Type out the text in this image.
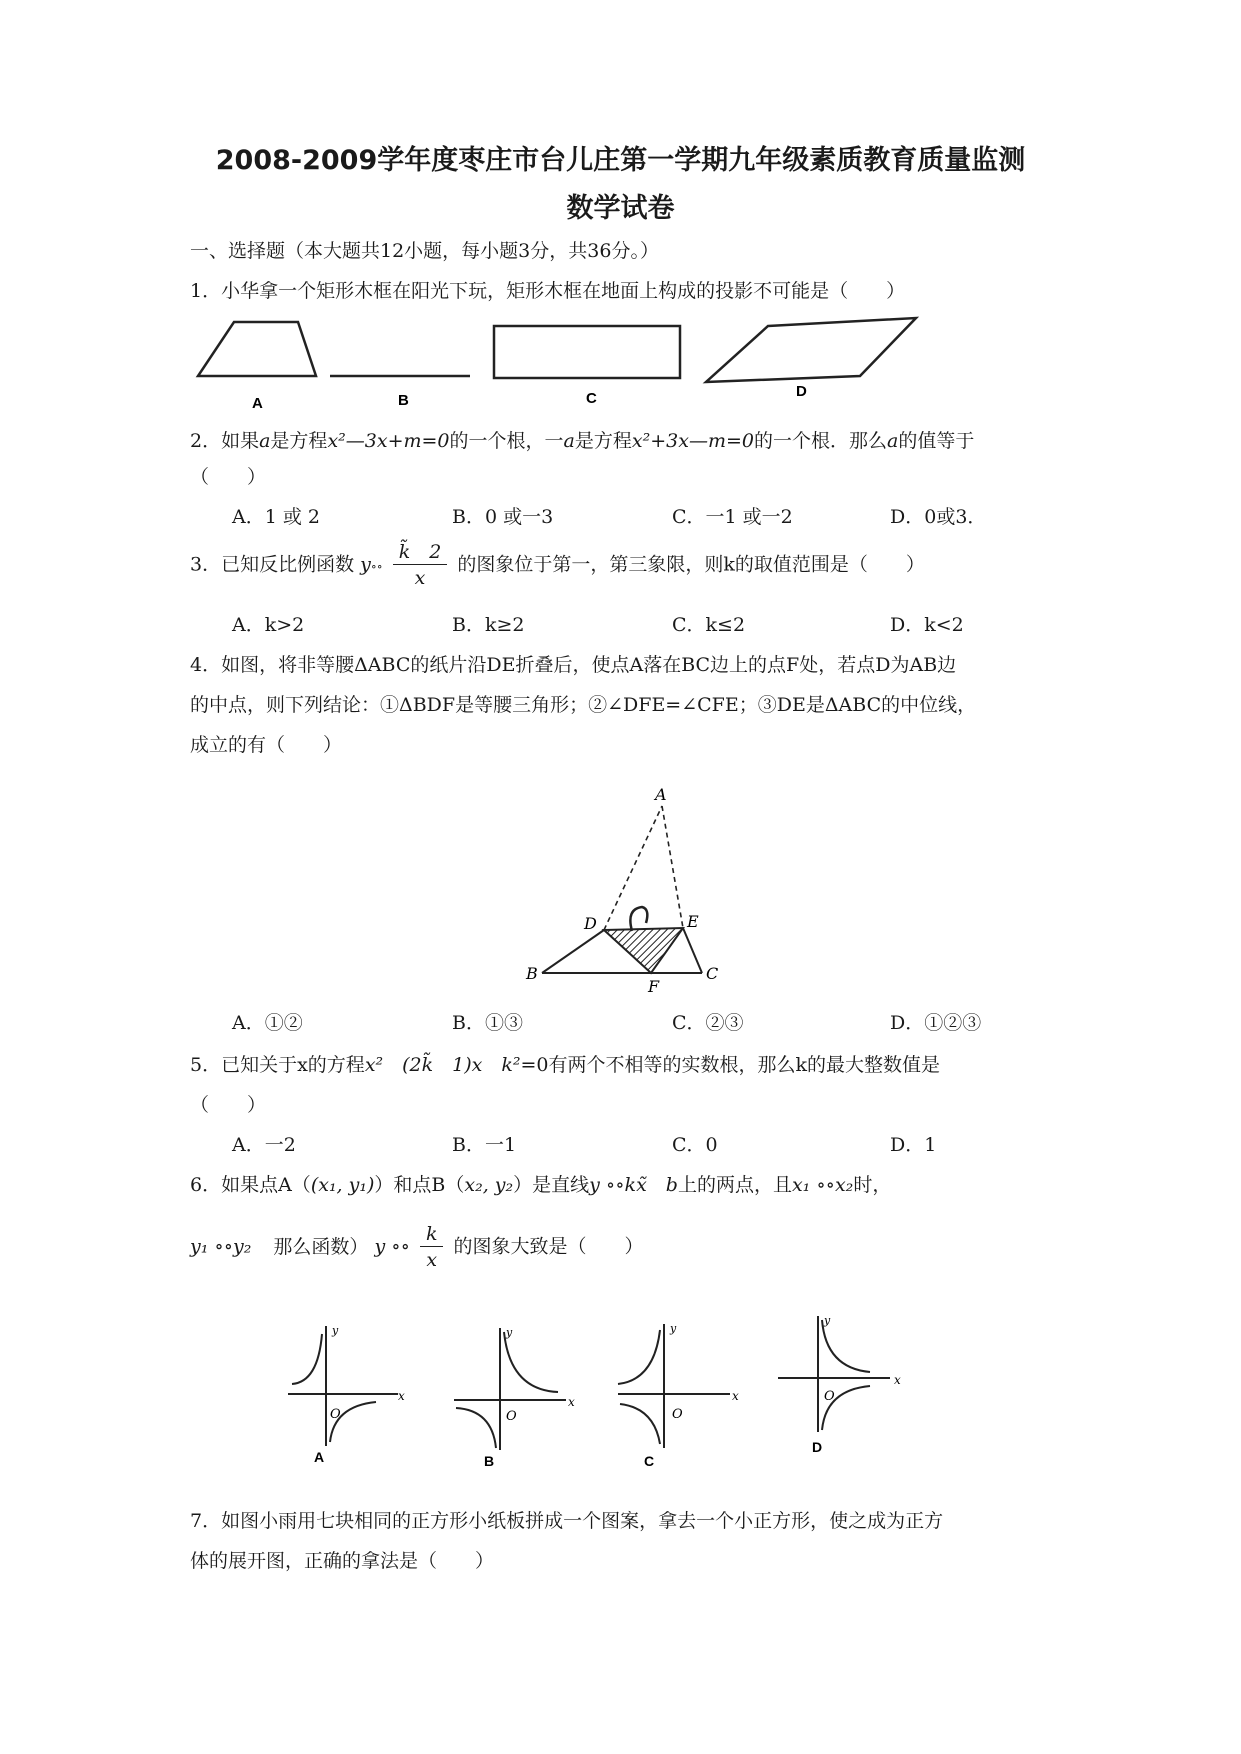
2008-2009学年度枣庄市台儿庄第一学期九年级素质教育质量监测
数学试卷
一、选择题（本大题共12小题，每小题3分，共36分。）
1．小华拿一个矩形木框在阳光下玩，矩形木框在地面上构成的投影不可能是（　　）
A	B	C	D
2．如果a是方程x²—3x+m=0的一个根，一a是方程x²+3x—m=0的一个根．那么a的值等于
（　　）
A．1 或 2	B．0 或一3	C．一1 或一2	D．0或3．
3．已知反比例函数 y∘∘ $\frac{k̃ 2}{x}$ 的图象位于第一，第三象限，则k的取值范围是（　　）
A．k>2	B．k≥2	C．k≤2	D．k<2
4．如图，将非等腰ΔABC的纸片沿DE折叠后，使点A落在BC边上的点F处，若点D为AB边
的中点，则下列结论：①ΔBDF是等腰三角形；②∠DFE=∠CFE；③DE是ΔABC的中位线，
成立的有（　　）
A
D	E
B
F
C
A．①②	B．①③	C．②③	D．①②③
5．已知关于x的方程x²　(2k̃　1)x　k²=0有两个不相等的实数根，那么k的最大整数值是
（　　）
A．一2	B．一1	C．0	D．1
6．如果点A（(x₁, y₁)）和点B（x₂, y₂）是直线y ∘∘kx̃　b上的两点，且x₁ ∘∘x₂时，
y₁ ∘∘y₂ 那么函数） y ∘∘ $\frac{k}{x}$ 的图象大致是（　　）
y
x
O
A
y
x
O
B
y
x
O
C
y
x
O
D
7．如图小雨用七块相同的正方形小纸板拼成一个图案，拿去一个小正方形，使之成为正方
体的展开图，正确的拿法是（　　）
